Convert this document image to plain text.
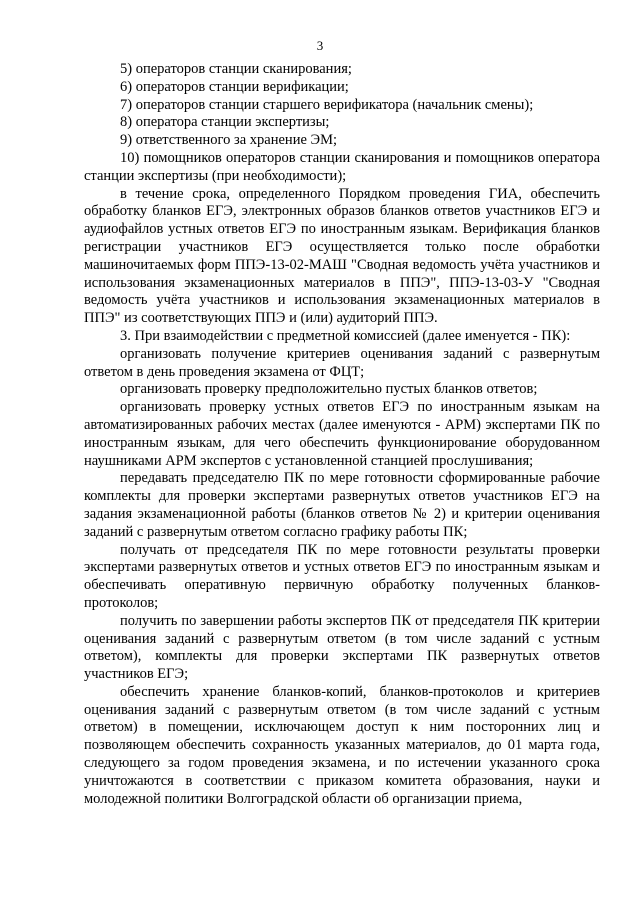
3

5) операторов станции сканирования;

6) операторов станции верификации;

7) операторов станции старшего верификатора (начальник смены);

8) оператора станции экспертизы;

9) ответственного за хранение ЭМ;

10) помощников операторов станции сканирования и помощников оператора станции экспертизы (при необходимости);

в течение срока, определенного Порядком проведения ГИА, обеспечить обработку бланков ЕГЭ, электронных образов бланков ответов участников ЕГЭ и аудиофайлов устных ответов ЕГЭ по иностранным языкам. Верификация бланков регистрации участников ЕГЭ осуществляется только после обработки машиночитаемых форм ППЭ-13-02-МАШ "Сводная ведомость учёта участников и использования экзаменационных материалов в ППЭ", ППЭ-13-03-У "Сводная ведомость учёта участников и использования экзаменационных материалов в ППЭ" из соответствующих ППЭ и (или) аудиторий ППЭ.

3. При взаимодействии с предметной комиссией (далее именуется - ПК):

организовать получение критериев оценивания заданий с развернутым ответом в день проведения экзамена от ФЦТ;

организовать проверку предположительно пустых бланков ответов;

организовать проверку устных ответов ЕГЭ по иностранным языкам на автоматизированных рабочих местах (далее именуются - АРМ) экспертами ПК по иностранным языкам, для чего обеспечить функционирование оборудованном наушниками АРМ экспертов с установленной станцией прослушивания;

передавать председателю ПК по мере готовности сформированные рабочие комплекты для проверки экспертами развернутых ответов участников ЕГЭ на задания экзаменационной работы (бланков ответов № 2) и критерии оценивания заданий с развернутым ответом согласно графику работы ПК;

получать от председателя ПК по мере готовности результаты проверки экспертами развернутых ответов и устных ответов ЕГЭ по иностранным языкам и обеспечивать оперативную первичную обработку полученных бланков-протоколов;

получить по завершении работы экспертов ПК от председателя ПК критерии оценивания заданий с развернутым ответом (в том числе заданий с устным ответом), комплекты для проверки экспертами ПК развернутых ответов участников ЕГЭ;

обеспечить хранение бланков-копий, бланков-протоколов и критериев оценивания заданий с развернутым ответом (в том числе заданий с устным ответом) в помещении, исключающем доступ к ним посторонних лиц и позволяющем обеспечить сохранность указанных материалов, до 01 марта года, следующего за годом проведения экзамена, и по истечении указанного срока уничтожаются в соответствии с приказом комитета образования, науки и молодежной политики Волгоградской области об организации приема,
